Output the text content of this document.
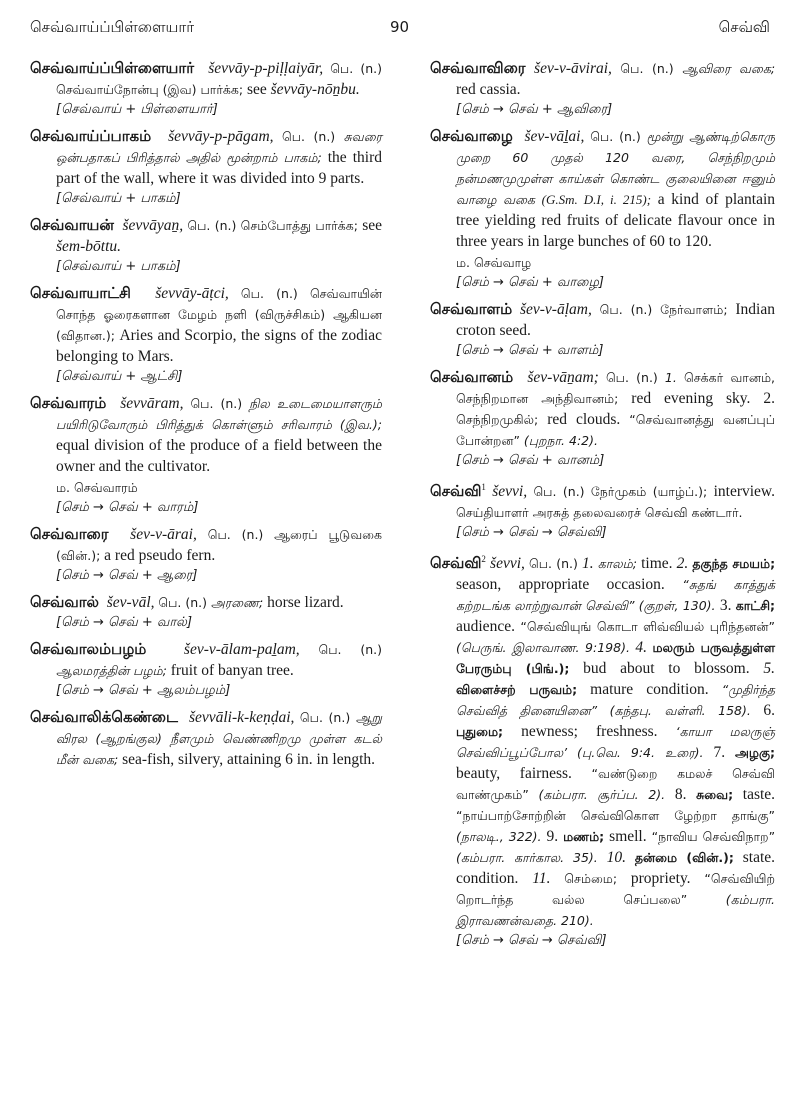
செவ்வாய்ப்பிள்ளையார்	90	செவ்வி

செவ்வாய்ப்பிள்ளையார் ševvāy-p-piḷḷaiyār, பெ. (n.) செவ்வாய்நோன்பு (இவ) பார்க்க; see ševvāy-nōṉbu.

[செவ்வாய் + பிள்ளையார்]

செவ்வாய்ப்பாகம் ševvāy-p-pāgam, பெ. (n.) சுவரை ஒன்பதாகப் பிரித்தால் அதில் மூன்றாம் பாகம்; the third part of the wall, where it was divided into 9 parts.

[செவ்வாய் + பாகம்]

செவ்வாயன் ševvāyaṉ, பெ. (n.) செம்போத்து பார்க்க; see šem-bōttu.

[செவ்வாய் + பாகம்]

செவ்வாயாட்சி ševvāy-āṭci, பெ. (n.) செவ்வாயின் சொந்த ஓரைகளான மேழம் நளி (விருச்சிகம்) ஆகியன (விதான.); Aries and Scorpio, the signs of the zodiac belonging to Mars.

[செவ்வாய் + ஆட்சி]

செவ்வாரம் ševvāram, பெ. (n.) நில உடைமையாளரும் பயிரிடுவோரும் பிரித்துக் கொள்ளும் சரிவாரம் (இவ.); equal division of the produce of a field between the owner and the cultivator.

ம. செவ்வாரம்

[செம் → செவ் + வாரம்]

செவ்வாரை šev-v-ārai, பெ. (n.) ஆரைப் பூடுவகை (வின்.); a red pseudo fern.

[செம் → செவ் + ஆரை]

செவ்வால் šev-vāl, பெ. (n.) அரணை; horse lizard.

[செம் → செவ் + வால்]

செவ்வாலம்பழம் šev-v-ālam-paḻam, பெ. (n.) ஆலமரத்தின் பழம்; fruit of banyan tree.

[செம் → செவ் + ஆலம்பழம்]

செவ்வாலிக்கெண்டை ševvāli-k-keṇḍai, பெ. (n.) ஆறு விரல (ஆறங்குல) நீளமும் வெண்ணிறமு முள்ள கடல் மீன் வகை; sea-fish, silvery, attaining 6 in. in length.

செவ்வாவிரை šev-v-āvirai, பெ. (n.) ஆவிரை வகை; red cassia.

[செம் → செவ் + ஆவிரை]

செவ்வாழை šev-vāḻai, பெ. (n.) மூன்று ஆண்டிற்கொரு முறை 60 முதல் 120 வரை, செந்நிறமும் நன்மணமுமுள்ள காய்கள் கொண்ட குலையினை ஈனும் வாழை வகை (G.Sm. D.I, i. 215); a kind of plantain tree yielding red fruits of delicate flavour once in three years in large bunches of 60 to 120.

ம. செவ்வாழ

[செம் → செவ் + வாழை]

செவ்வாளம் šev-v-āḷam, பெ. (n.) நேர்வாளம்; Indian croton seed.

[செம் → செவ் + வாளம்]

செவ்வானம் šev-vāṉam; பெ. (n.) 1. செக்கர் வானம், செந்நிறமான அந்திவானம்; red evening sky. 2. செந்நிறமுகில்; red clouds. “செவ்வானத்து வனப்புப் போன்றன” (புறநா. 4:2).

[செம் → செவ் + வானம்]

செவ்வி$^1$ ševvi, பெ. (n.) நேர்முகம் (யாழ்ப்.); interview. செய்தியாளர் அரசுத் தலைவரைச் செவ்வி கண்டார்.

[செம் → செவ் → செவ்வி]

செவ்வி$^2$ ševvi, பெ. (n.) 1. காலம்; time. 2. தகுந்த சமயம்; season, appropriate occasion. “சுதங் காத்துக் கற்றடங்க லாற்றுவான் செவ்வி” (குறள், 130). 3. காட்சி; audience. “செவ்வியுங் கொடா ளிவ்வியல் புரிந்தனன்” (பெருங். இலாவாண. 9:198). 4. மலரும் பருவத்துள்ள பேரரும்பு (பிங்.); bud about to blossom. 5. விளைச்சற் பருவம்; mature condition. “முதிர்ந்த செவ்வித் தினையினை” (கந்தபு. வள்ளி. 158). 6. புதுமை; newness; freshness. ‘காயா மலருஞ் செவ்விப்பூப்போல’ (பு.வெ. 9:4. உரை). 7. அழகு; beauty, fairness. “வண்டுறை கமலச் செவ்வி வாண்முகம்” (கம்பரா. சூர்ப்ப. 2). 8. சுவை; taste. “நாய்பாற்சோற்றின் செவ்விகொள ழேற்றா தாங்கு” (நாலடி., 322). 9. மணம்; smell. “நாவிய செவ்விநாற” (கம்பரா. கார்கால. 35). 10. தன்மை (வின்.); state. condition. 11. செம்மை; propriety. “செவ்வியிற் றொடர்ந்த வல்ல செப்பலை”	(கம்பரா. இராவணன்வதை. 210).

[செம் → செவ் → செவ்வி]
